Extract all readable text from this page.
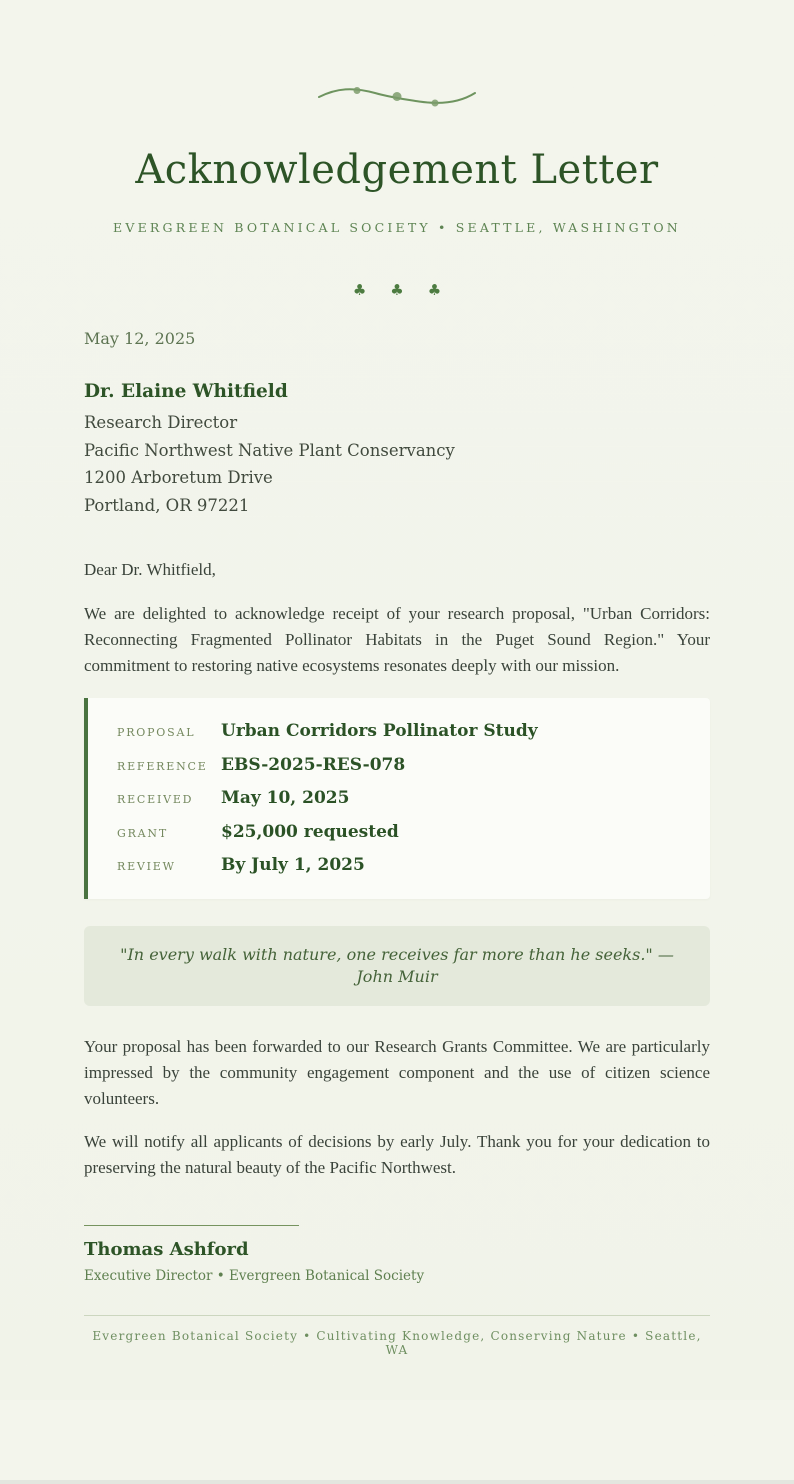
Acknowledgement Letter
EVERGREEN BOTANICAL SOCIETY • SEATTLE, WASHINGTON
♣ ♣ ♣
May 12, 2025
Dr. Elaine Whitfield
Research Director
Pacific Northwest Native Plant Conservancy
1200 Arboretum Drive
Portland, OR 97221

Dear Dr. Whitfield,

We are delighted to acknowledge receipt of your research proposal, "Urban Corridors: Reconnecting Fragmented Pollinator Habitats in the Puget Sound Region." Your commitment to restoring native ecosystems resonates deeply with our mission.

PROPOSAL	Urban Corridors Pollinator Study
REFERENCE EBS-2025-RES-078
RECEIVED	May 10, 2025
GRANT	$25,000 requested
REVIEW	By July 1, 2025
"In every walk with nature, one receives far more than he seeks." — John Muir

Your proposal has been forwarded to our Research Grants Committee. We are particularly impressed by the community engagement component and the use of citizen science volunteers.

We will notify all applicants of decisions by early July. Thank you for your dedication to preserving the natural beauty of the Pacific Northwest.

Thomas Ashford
Executive Director • Evergreen Botanical Society
Evergreen Botanical Society • Cultivating Knowledge, Conserving Nature • Seattle, WA
